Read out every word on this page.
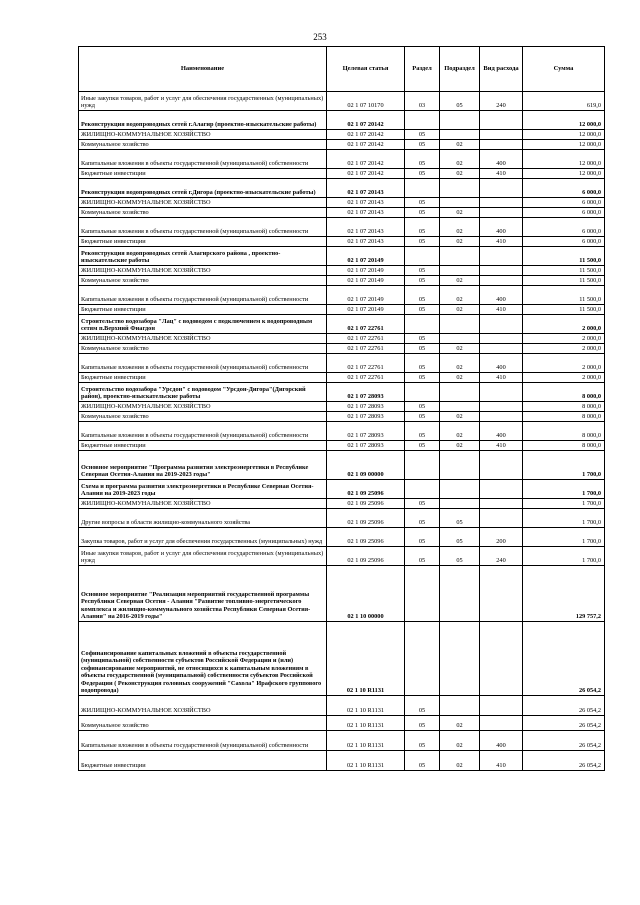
253
Наименование	Целевая статья	Раздел	Подраздел	Вид расхода	Сумма
Иные закупки товаров, работ и услуг для обеспечения государственных (муниципальных) нужд	02 1 07 10170	03	05	240	619,0
Реконструкция водопроводных сетей г.Алагир (проектно-изыскательские работы)	02 1 07 20142				12 000,0
ЖИЛИЩНО-КОММУНАЛЬНОЕ ХОЗЯЙСТВО	02 1 07 20142	05			12 000,0
Коммунальное хозяйство	02 1 07 20142	05	02		12 000,0
Капитальные вложения в объекты государственной (муниципальной) собственности	02 1 07 20142	05	02	400	12 000,0
Бюджетные инвестиции	02 1 07 20142	05	02	410	12 000,0
Реконструкция водопроводных сетей г.Дигора (проектно-изыскательские работы)	02 1 07 20143				6 000,0
ЖИЛИЩНО-КОММУНАЛЬНОЕ ХОЗЯЙСТВО	02 1 07 20143	05			6 000,0
Коммунальное хозяйство	02 1 07 20143	05	02		6 000,0
Капитальные вложения в объекты государственной (муниципальной) собственности	02 1 07 20143	05	02	400	6 000,0
Бюджетные инвестиции	02 1 07 20143	05	02	410	6 000,0
Реконструкция водопроводных сетей Алагирского района , проектно-изыскательские работы	02 1 07 20149				11 500,0
ЖИЛИЩНО-КОММУНАЛЬНОЕ ХОЗЯЙСТВО	02 1 07 20149	05			11 500,0
Коммунальное хозяйство	02 1 07 20149	05	02		11 500,0
Капитальные вложения в объекты государственной (муниципальной) собственности	02 1 07 20149	05	02	400	11 500,0
Бюджетные инвестиции	02 1 07 20149	05	02	410	11 500,0
Строительство водозабора "Лац" с водоводом с подключением к водопроводным сетям п.Верхний Фиагдон	02 1 07 22761				2 000,0
ЖИЛИЩНО-КОММУНАЛЬНОЕ ХОЗЯЙСТВО	02 1 07 22761	05			2 000,0
Коммунальное хозяйство	02 1 07 22761	05	02		2 000,0
Капитальные вложения в объекты государственной (муниципальной) собственности	02 1 07 22761	05	02	400	2 000,0
Бюджетные инвестиции	02 1 07 22761	05	02	410	2 000,0
Строительство водозабора "Урсдон" с водоводом "Урсдон-Дигора"(Дигорский район), проектно-изыскательские работы	02 1 07 28093				8 000,0
ЖИЛИЩНО-КОММУНАЛЬНОЕ ХОЗЯЙСТВО	02 1 07 28093	05			8 000,0
Коммунальное хозяйство	02 1 07 28093	05	02		8 000,0
Капитальные вложения в объекты государственной (муниципальной) собственности	02 1 07 28093	05	02	400	8 000,0
Бюджетные инвестиции	02 1 07 28093	05	02	410	8 000,0
Основное мероприятие "Программа развития электроэнергетики в Республике Северная Осетия-Алания на 2019-2023 годы"	02 1 09 00000				1 700,0
Схема и программа развития электроэнергетики в Республике Северная Осетия-Алания на 2019-2023 годы	02 1 09 25096				1 700,0
ЖИЛИЩНО-КОММУНАЛЬНОЕ ХОЗЯЙСТВО	02 1 09 25096	05			1 700,0
Другие вопросы в области жилищно-коммунального хозяйства	02 1 09 25096	05	05		1 700,0
Закупка товаров, работ и услуг для обеспечения государственных (муниципальных) нужд	02 1 09 25096	05	05	200	1 700,0
Иные закупки товаров, работ и услуг для обеспечения государственных (муниципальных) нужд	02 1 09 25096	05	05	240	1 700,0
Основное мероприятие "Реализация мероприятий государственной программы Республики Северная Осетия - Алания "Развитие топливно-энергетического комплекса и жилищно-коммунального хозяйства Республики Северная Осетия-Алания" на 2016-2019 годы"	02 1 10 00000				129 757,2
Софинансирование капитальных вложений в объекты государственной (муниципальной) собственности субъектов Российской Федерации и (или) софинансирование мероприятий, не относящихся к капитальным вложениям в объекты государственной (муниципальной) собственности субъектов Российской Федерации ( Реконструкция головных сооружений "Сахола" Ирафского группового водопровода)	02 1 10 R1131				26 054,2
ЖИЛИЩНО-КОММУНАЛЬНОЕ ХОЗЯЙСТВО	02 1 10 R1131	05			26 054,2
Коммунальное хозяйство	02 1 10 R1131	05	02		26 054,2
Капитальные вложения в объекты государственной (муниципальной) собственности	02 1 10 R1131	05	02	400	26 054,2
Бюджетные инвестиции	02 1 10 R1131	05	02	410	26 054,2
